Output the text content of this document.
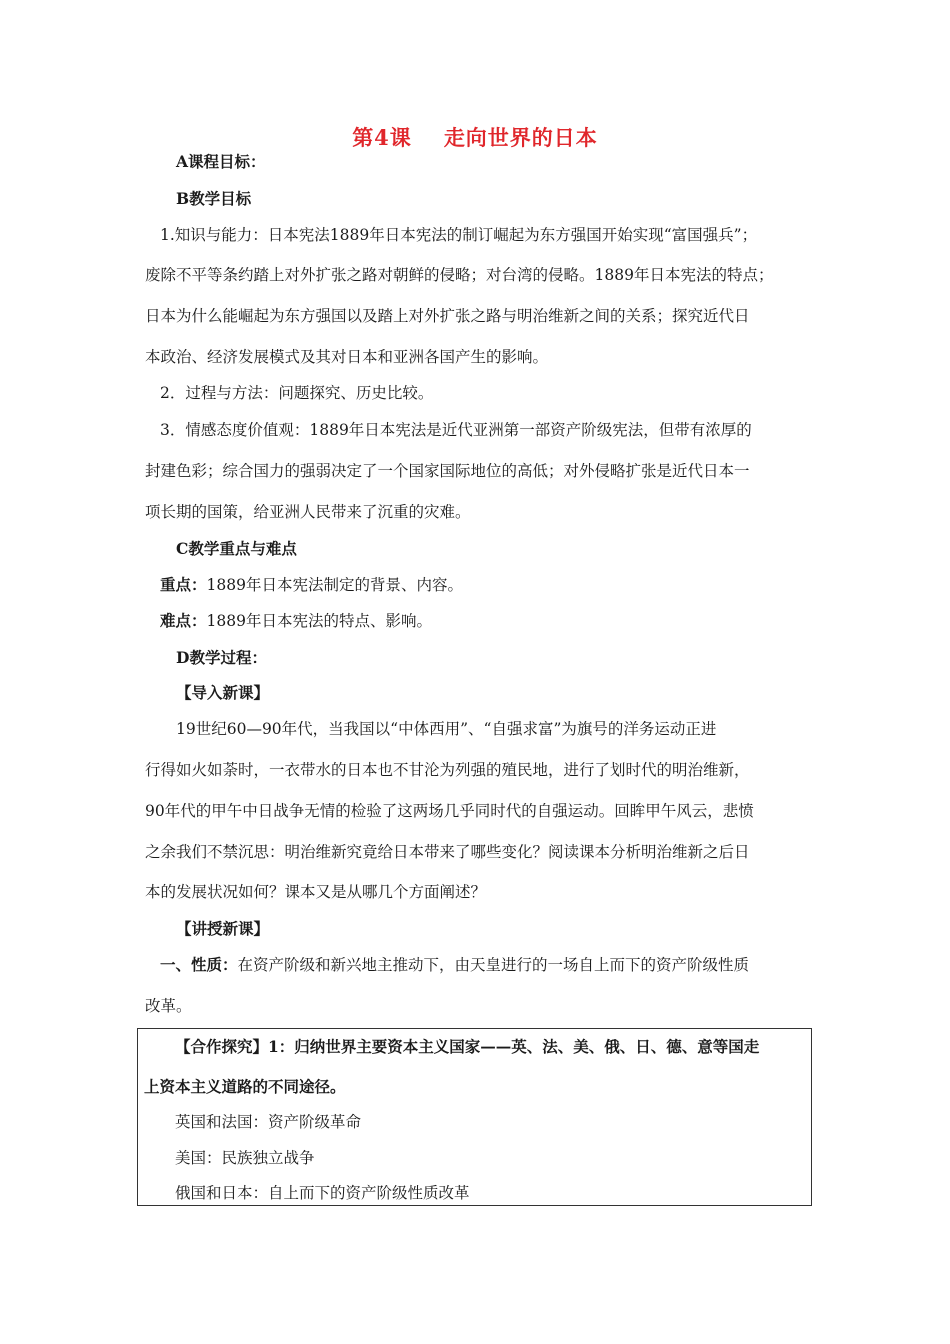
第4课 走向世界的日本
A课程目标：
B教学目标
1.知识与能力：日本宪法1889年日本宪法的制订崛起为东方强国开始实现“富国强兵”；
废除不平等条约踏上对外扩张之路对朝鲜的侵略；对台湾的侵略。1889年日本宪法的特点；
日本为什么能崛起为东方强国以及踏上对外扩张之路与明治维新之间的关系；探究近代日
本政治、经济发展模式及其对日本和亚洲各国产生的影响。
2．过程与方法：问题探究、历史比较。
3．情感态度价值观：1889年日本宪法是近代亚洲第一部资产阶级宪法，但带有浓厚的
封建色彩；综合国力的强弱决定了一个国家国际地位的高低；对外侵略扩张是近代日本一
项长期的国策，给亚洲人民带来了沉重的灾难。
C教学重点与难点
重点：1889年日本宪法制定的背景、内容。
难点：1889年日本宪法的特点、影响。
D教学过程：
【导入新课】
19世纪60—90年代，当我国以“中体西用”、“自强求富”为旗号的洋务运动正进
行得如火如荼时，一衣带水的日本也不甘沦为列强的殖民地，进行了划时代的明治维新，
90年代的甲午中日战争无情的检验了这两场几乎同时代的自强运动。回眸甲午风云，悲愤
之余我们不禁沉思：明治维新究竟给日本带来了哪些变化？阅读课本分析明治维新之后日
本的发展状况如何？课本又是从哪几个方面阐述？
【讲授新课】
一、性质：在资产阶级和新兴地主推动下，由天皇进行的一场自上而下的资产阶级性质
改革。
【合作探究】1：归纳世界主要资本主义国家——英、法、美、俄、日、德、意等国走
上资本主义道路的不同途径。
英国和法国：资产阶级革命
美国：民族独立战争
俄国和日本：自上而下的资产阶级性质改革
